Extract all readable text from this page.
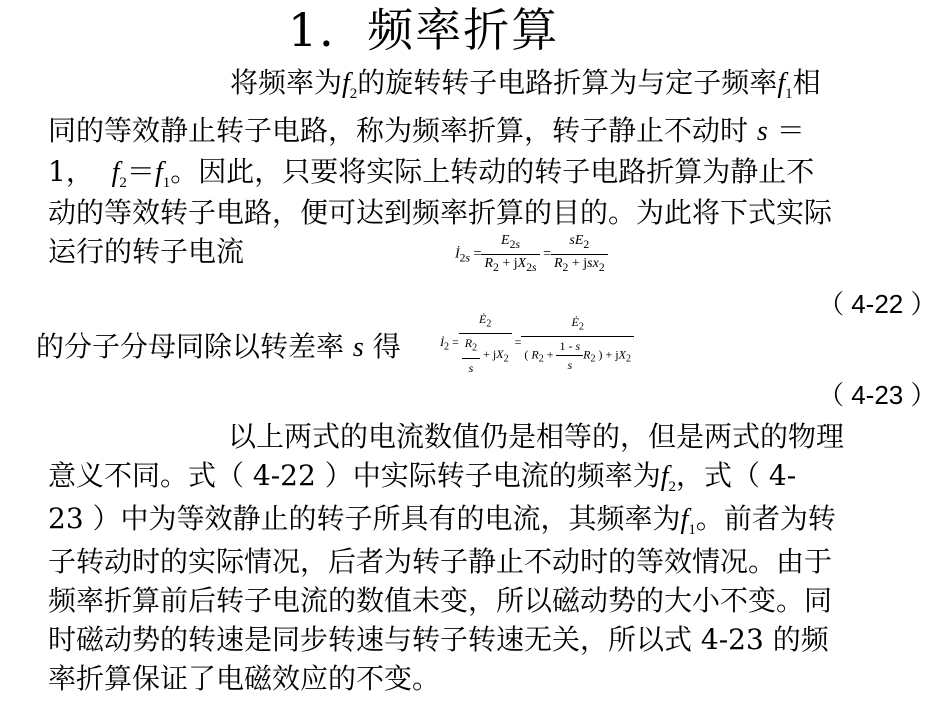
1．频率折算
将频率为$f_2$的旋转转子电路折算为与定子频率$f_1$相
同的等效静止转子电路，称为频率折算，转子静止不动时 s ＝
1， $f_2=f_1$。因此，只要将实际上转动的转子电路折算为静止不
动的等效转子电路，便可达到频率折算的目的。为此将下式实际
运行的转子电流	$İ_{2s} = \frac{E_{2s}}{R_2 + jX_{2s}} = \frac{sE_2}{R_2 + jsx_2}$
（ 4-22 ）
的分子分母同除以转差率 s 得	$İ_2 = \frac{Ė_2}{\frac{R_2}{s} + jX_2} = \frac{Ė_2}{( R_2 + \frac{1 - s}{s} R_2 ) + jX_2}$
（ 4-23 ）
以上两式的电流数值仍是相等的，但是两式的物理
意义不同。式（ 4-22 ）中实际转子电流的频率为$f_2$，式（ 4-
23 ）中为等效静止的转子所具有的电流，其频率为$f_1$。前者为转
子转动时的实际情况，后者为转子静止不动时的等效情况。由于
频率折算前后转子电流的数值未变，所以磁动势的大小不变。同
时磁动势的转速是同步转速与转子转速无关，所以式 4-23 的频
率折算保证了电磁效应的不变。
